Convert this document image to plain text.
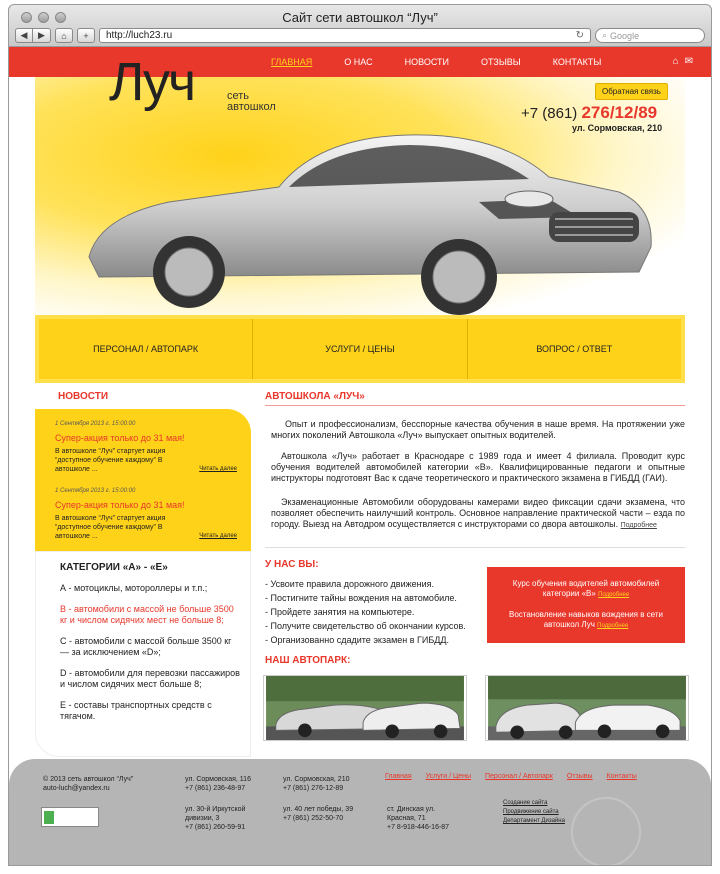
Сайт сети автошкол “Луч”
◀	▶	⌂	+	http://luch23.ru	↻ ⌕ Google
ГЛАВНАЯ	О НАС	НОВОСТИ	ОТЗЫВЫ	КОНТАКТЫ	⌂ ✉
Луч	сеть автошкол
Обратная связь
+7 (861) 276/12/89
ул. Сормовская, 210
ПЕРСОНАЛ / АВТОПАРК	УСЛУГИ / ЦЕНЫ	ВОПРОС / ОТВЕТ
НОВОСТИ
1 Сентября 2013 г. 15:00:00
Супер-акция только до 31 мая!
В автошколе “Луч” стартует акция “доступное обучение каждому” В автошколе ...	Читать далее
1 Сентября 2013 г. 15:00:00
Супер-акция только до 31 мая!
В автошколе “Луч” стартует акция “доступное обучение каждому” В автошколе ...	Читать далее
КАТЕГОРИИ «А» - «Е»
А - мотоциклы, мотороллеры и т.п.;
В - автомобили с массой не больше 3500 кг и числом сидячих мест не больше 8;
С - автомобили с массой больше 3500 кг — за исключением «D»;
D - автомобили для перевозки пассажиров и числом сидячих мест больше 8;
Е - составы транспортных средств с тягачом.
АВТОШКОЛА «ЛУЧ»
Опыт и профессионализм, бесспорные качества обучения в наше время. На протяжении уже многих поколений Автошкола «Луч» выпускает опытных водителей.
Автошкола «Луч» работает в Краснодаре с 1989 года и имеет 4 филиала. Проводит курс обучения водителей автомобилей категории «В». Квалифицированные педагоги и опытные инструкторы подготовят Вас к сдаче теоретического и практического экзамена в ГИБДД (ГАИ).
Экзаменационные Автомобили оборудованы камерами видео фиксации сдачи экзамена, что позволяет обеспечить наилучший контроль. Основное направление практической части – езда по городу. Выезд на Автодром осуществляется с инструкторами со двора автошколы. Подробнее
У НАС ВЫ:
- Усвоите правила дорожного движения.
- Постигните тайны вождения на автомобиле.
- Пройдете занятия на компьютере.
- Получите свидетельство об окончании курсов.
- Организованно сдадите экзамен в ГИБДД.

Курс обучения водителей автомобилей категории «В» Подробнее

Востановление навыков вождения в сети автошкол Луч Подробнее

НАШ АВТОПАРК:
© 2013 сеть автошкол “Луч”
auto-luch@yandex.ru
ул. Сормовская, 116
+7 (861) 236-48-97
ул. Сормовская, 210
+7 (861) 276-12-89
ул. 30-й Иркутской дивизии, 3
+7 (861) 260-59-91
ул. 40 лет победы, 39
+7 (861) 252-50-70
ст. Динская ул. Красная, 71
+7 8-918-446-16-87
Главная Услуги / Цены Персонал / Автопарк Отзывы Контакты
Создание сайта
Продвижение сайта
Департамент Дизайна
